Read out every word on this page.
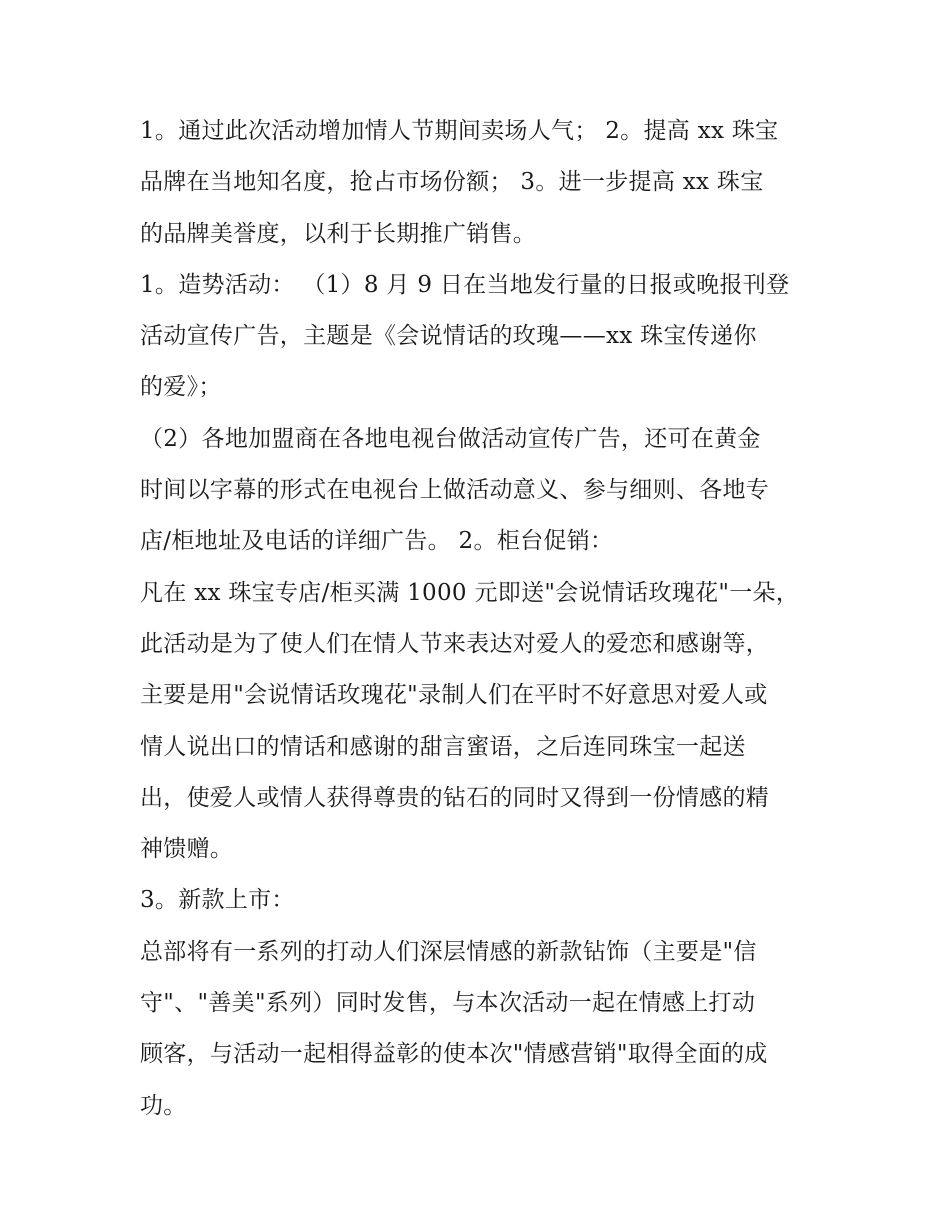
1。通过此次活动增加情人节期间卖场人气； 2。提高 xx 珠宝

品牌在当地知名度，抢占市场份额； 3。进一步提高 xx 珠宝

的品牌美誉度，以利于长期推广销售。

1。造势活动： （1）8 月 9 日在当地发行量的日报或晚报刊登

活动宣传广告，主题是《会说情话的玫瑰——xx 珠宝传递你

的爱》；

（2）各地加盟商在各地电视台做活动宣传广告，还可在黄金

时间以字幕的形式在电视台上做活动意义、参与细则、各地专

店/柜地址及电话的详细广告。 2。柜台促销：

凡在 xx 珠宝专店/柜买满 1000 元即送"会说情话玫瑰花"一朵，

此活动是为了使人们在情人节来表达对爱人的爱恋和感谢等，

主要是用"会说情话玫瑰花"录制人们在平时不好意思对爱人或

情人说出口的情话和感谢的甜言蜜语，之后连同珠宝一起送

出，使爱人或情人获得尊贵的钻石的同时又得到一份情感的精

神馈赠。

3。新款上市：

总部将有一系列的打动人们深层情感的新款钻饰（主要是"信

守"、"善美"系列）同时发售，与本次活动一起在情感上打动

顾客，与活动一起相得益彰的使本次"情感营销"取得全面的成

功。
